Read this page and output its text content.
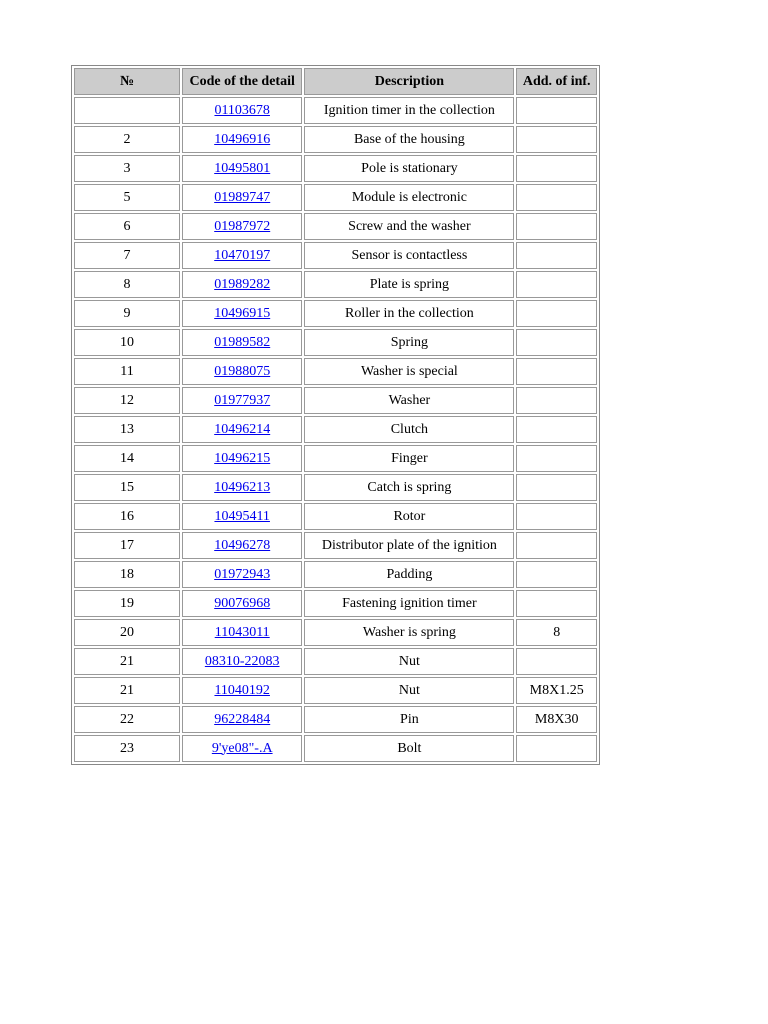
№	Code of the detail	Description	Add. of inf.
	01103678	Ignition timer in the collection	
2	10496916	Base of the housing	
3	10495801	Pole is stationary	
5	01989747	Module is electronic	
6	01987972	Screw and the washer	
7	10470197	Sensor is contactless	
8	01989282	Plate is spring	
9	10496915	Roller in the collection	
10	01989582	Spring	
11	01988075	Washer is special	
12	01977937	Washer	
13	10496214	Clutch	
14	10496215	Finger	
15	10496213	Catch is spring	
16	10495411	Rotor	
17	10496278	Distributor plate of the ignition	
18	01972943	Padding	
19	90076968	Fastening ignition timer	
20	11043011	Washer is spring	8
21	08310-22083	Nut	
21	11040192	Nut	M8X1.25
22	96228484	Pin	M8X30
23	9'ye08"-.A	Bolt	
